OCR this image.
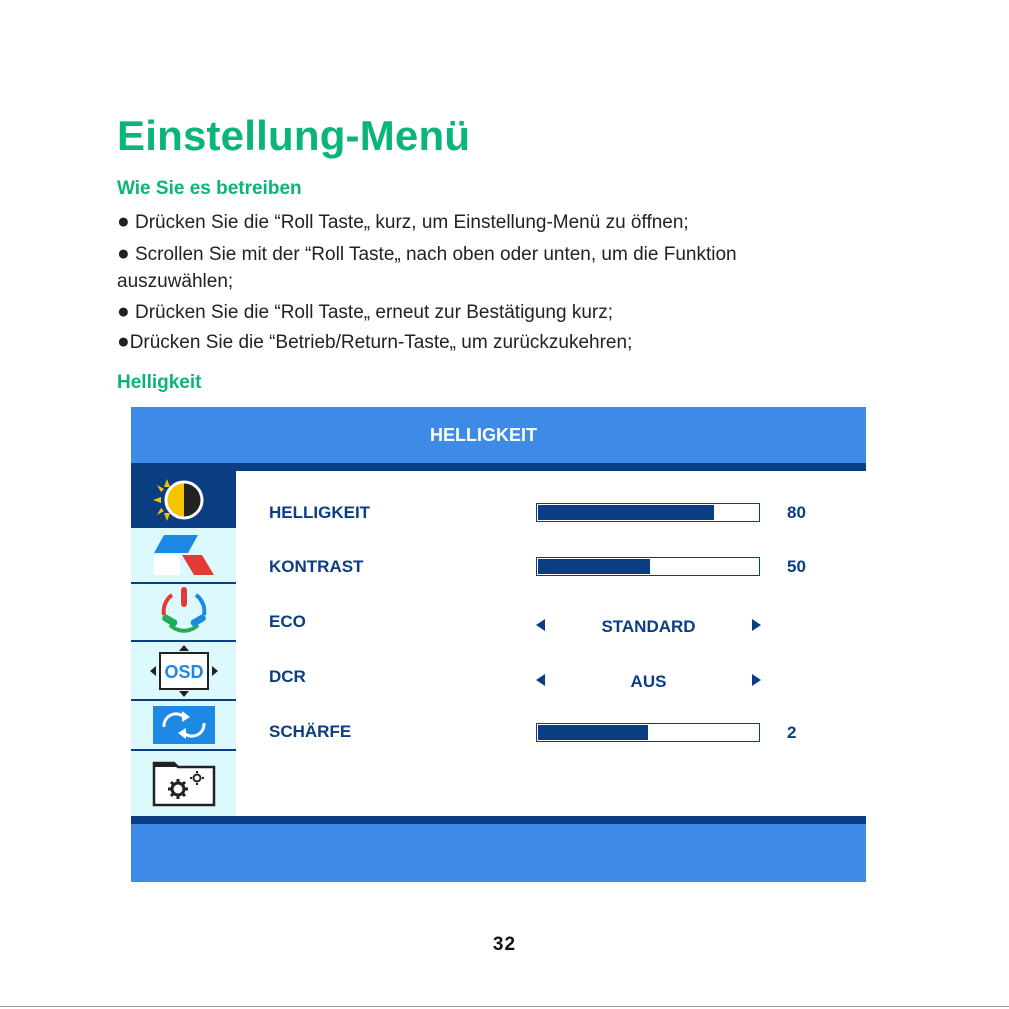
Einstellung-Menü
Wie Sie es betreiben
● Drücken Sie die “Roll Taste„ kurz, um Einstellung-Menü zu öffnen;
● Scrollen Sie mit der “Roll Taste„ nach oben oder unten, um die Funktion
auszuwählen;
● Drücken Sie die “Roll Taste„ erneut zur Bestätigung kurz;
●Drücken Sie die “Betrieb/Return-Taste„ um zurückzukehren;
Helligkeit
HELLIGKEIT
OSD
HELLIGKEIT	80
KONTRAST	50
ECO	STANDARD
DCR	AUS
SCHÄRFE	2
32
